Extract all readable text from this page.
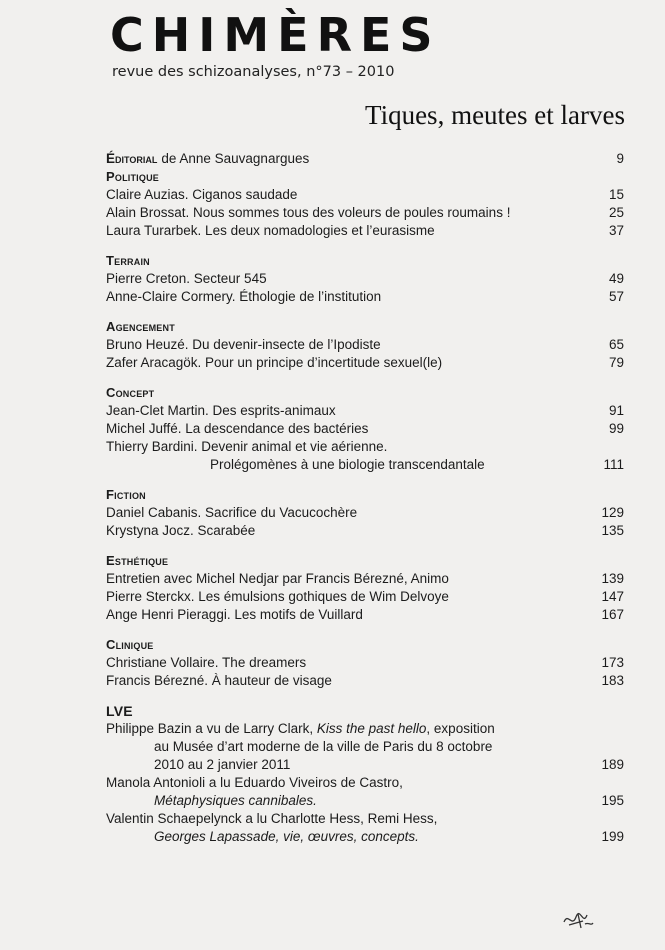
CHIMÈRES
revue des schizoanalyses, n°73 – 2010
Tiques, meutes et larves
Éditorial de Anne Sauvagnargues	9
Politique
Claire Auzias. Ciganos saudade	15
Alain Brossat. Nous sommes tous des voleurs de poules roumains !	25
Laura Turarbek. Les deux nomadologies et l’eurasisme	37
Terrain
Pierre Creton. Secteur 545	49
Anne-Claire Cormery. Éthologie de l’institution	57
Agencement
Bruno Heuzé. Du devenir-insecte de l’Ipodiste	65
Zafer Aracagök. Pour un principe d’incertitude sexuel(le)	79
Concept
Jean-Clet Martin. Des esprits-animaux	91
Michel Juffé. La descendance des bactéries	99
Thierry Bardini. Devenir animal et vie aérienne.
Prolégomènes à une biologie transcendantale	111
Fiction
Daniel Cabanis. Sacrifice du Vacucochère	129
Krystyna Jocz. Scarabée	135
Esthétique
Entretien avec Michel Nedjar par Francis Bérezné, Animo	139
Pierre Sterckx. Les émulsions gothiques de Wim Delvoye	147
Ange Henri Pieraggi. Les motifs de Vuillard	167
Clinique
Christiane Vollaire. The dreamers	173
Francis Bérezné. À hauteur de visage	183
LVE
Philippe Bazin a vu de Larry Clark, Kiss the past hello, exposition
au Musée d’art moderne de la ville de Paris du 8 octobre
2010 au 2 janvier 2011	189
Manola Antonioli a lu Eduardo Viveiros de Castro,
Métaphysiques cannibales.	195
Valentin Schaepelynck a lu Charlotte Hess, Remi Hess,
Georges Lapassade, vie, œuvres, concepts.	199
